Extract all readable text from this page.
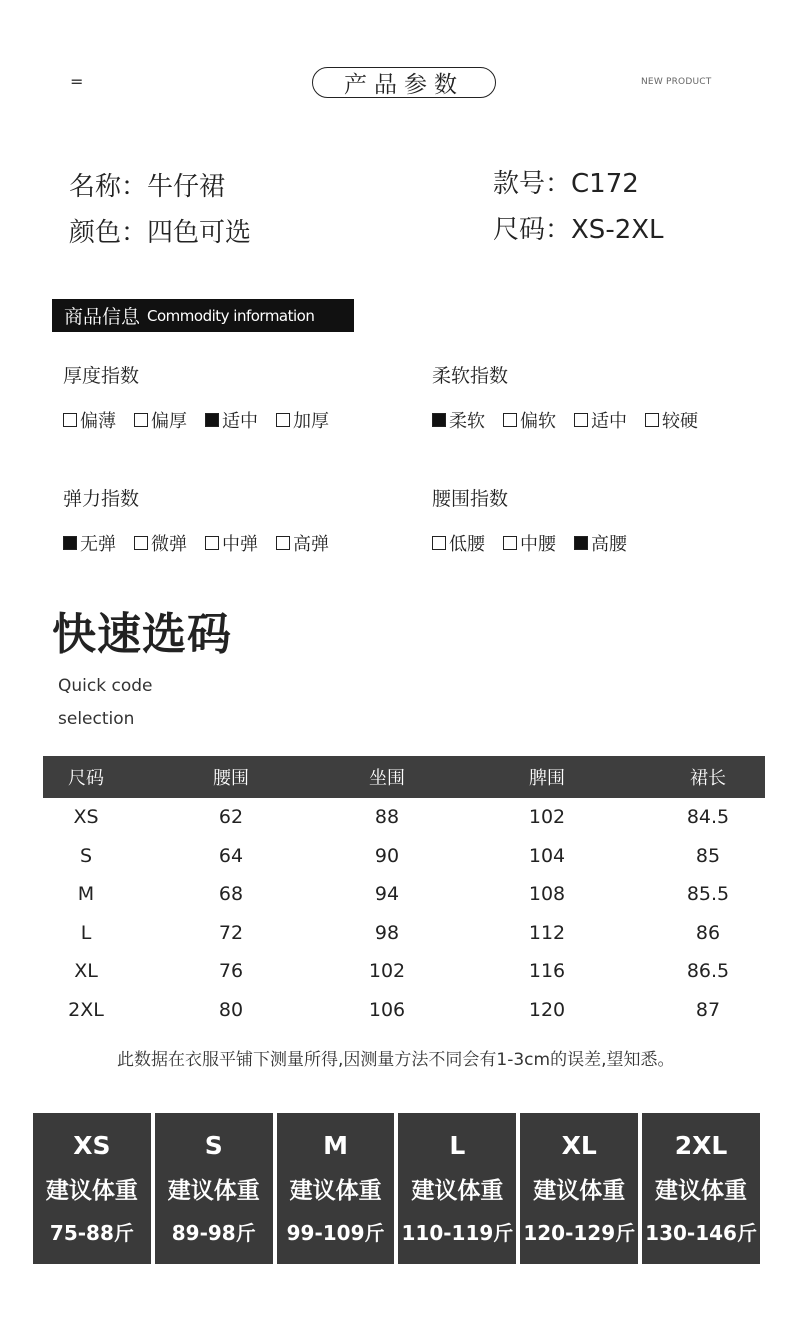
=	产品参数	NEW PRODUCT
名称：牛仔裙
颜色：四色可选
款号：C172
尺码：XS-2XL
商品信息 Commodity information
厚度指数
偏薄 偏厚 适中 加厚
柔软指数
柔软 偏软 适中 较硬
弹力指数
无弹 微弹 中弹 高弹
腰围指数
低腰 中腰 高腰
快速选码
Quick code selection
尺码	腰围	坐围	脾围	裙长
XS	62	88	102	84.5
S	64	90	104	85
M	68	94	108	85.5
L	72	98	112	86
XL	76	102	116	86.5
2XL	80	106	120	87
此数据在衣服平铺下测量所得,因测量方法不同会有1-3cm的误差,望知悉。
XS
建议体重
75-88斤
S
建议体重
89-98斤
M
建议体重
99-109斤
L
建议体重
110-119斤
XL
建议体重
120-129斤
2XL
建议体重
130-146斤
